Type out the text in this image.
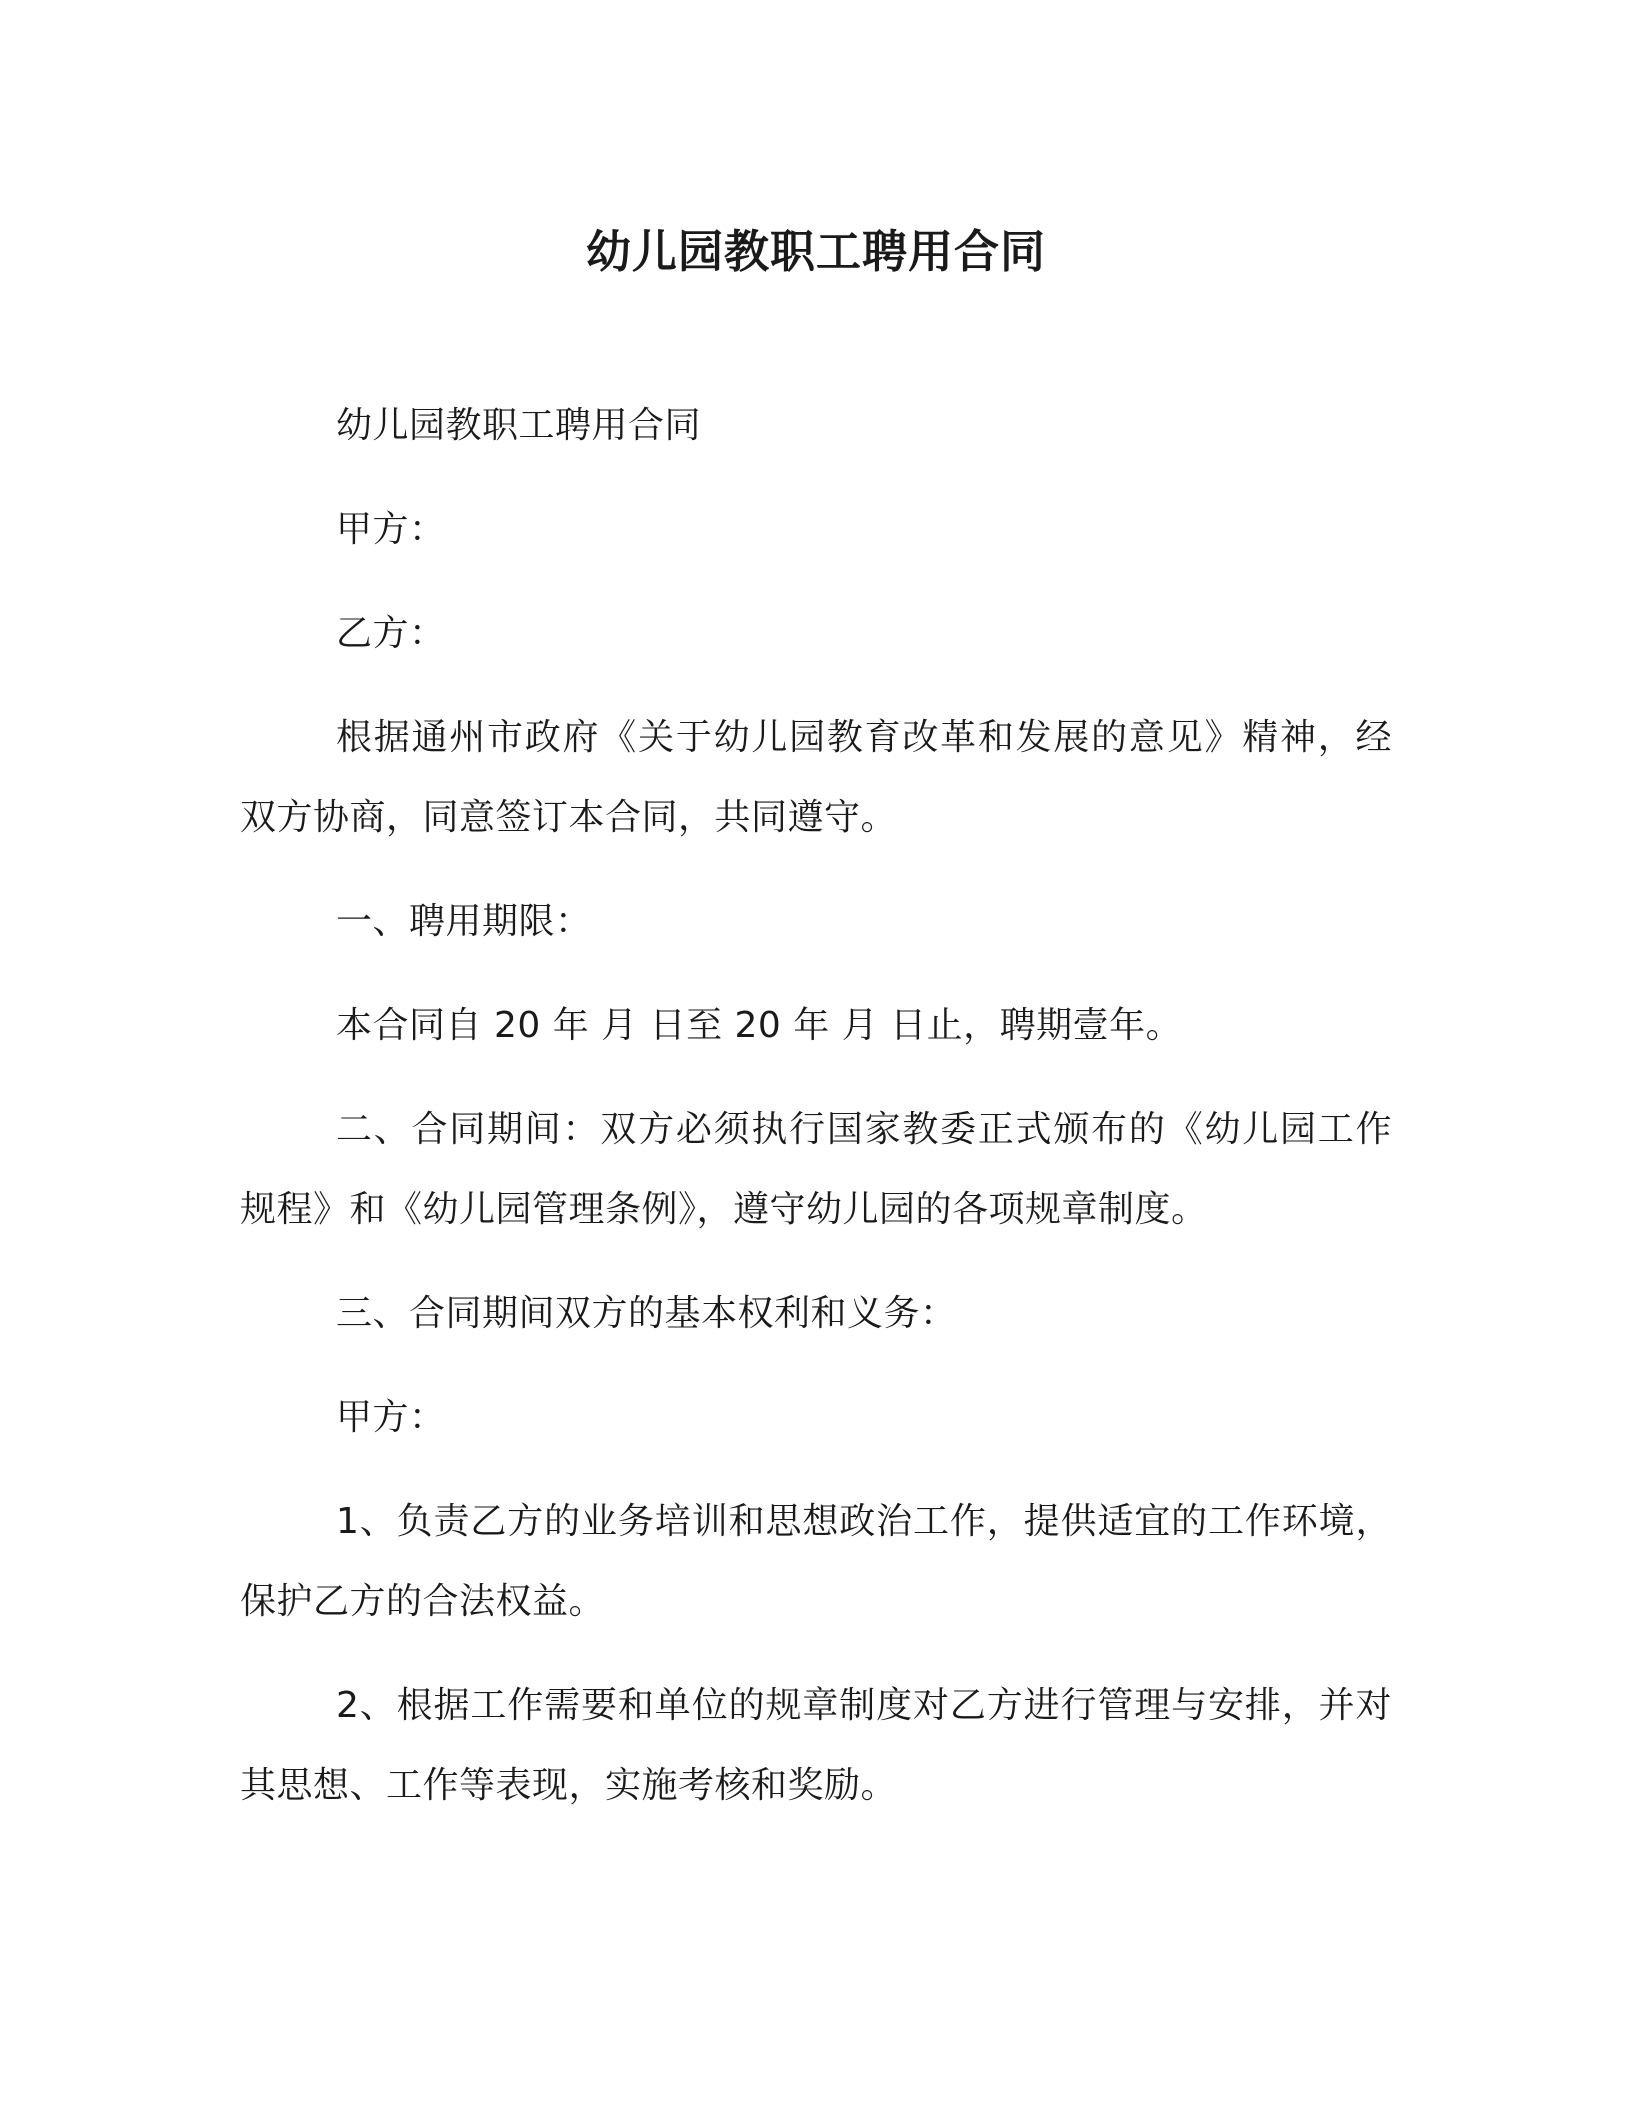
幼儿园教职工聘用合同

幼儿园教职工聘用合同

甲方：

乙方：

根据通州市政府《关于幼儿园教育改革和发展的意见》精神，经双方协商，同意签订本合同，共同遵守。

一、聘用期限：

本合同自 20 年 月 日至 20 年 月 日止，聘期壹年。

二、合同期间：双方必须执行国家教委正式颁布的《幼儿园工作规程》和《幼儿园管理条例》，遵守幼儿园的各项规章制度。

三、合同期间双方的基本权利和义务：

甲方：

1、负责乙方的业务培训和思想政治工作，提供适宜的工作环境，保护乙方的合法权益。

2、根据工作需要和单位的规章制度对乙方进行管理与安排，并对其思想、工作等表现，实施考核和奖励。
